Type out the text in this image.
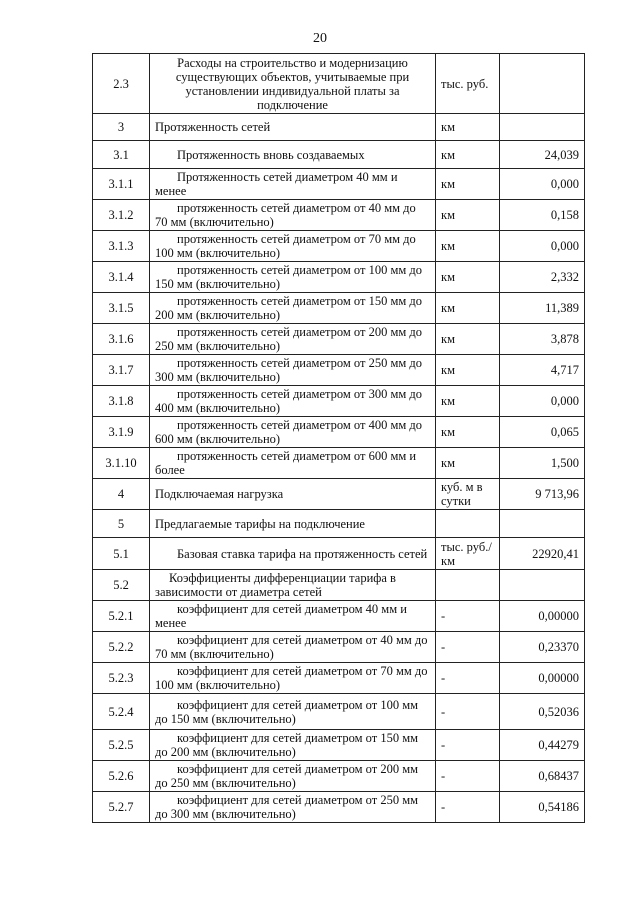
20
2.3	Расходы на строительство и модернизацию существующих объектов, учитываемые при установлении индивидуальной платы за подключение	тыс. руб.	
3	Протяженность сетей	км	
3.1	Протяженность вновь создаваемых	км	24,039
3.1.1	Протяженность сетей диаметром 40 мм и менее	км	0,000
3.1.2	протяженность сетей диаметром от 40 мм до 70 мм (включительно)	км	0,158
3.1.3	протяженность сетей диаметром от 70 мм до 100 мм (включительно)	км	0,000
3.1.4	протяженность сетей диаметром от 100 мм до 150 мм (включительно)	км	2,332
3.1.5	протяженность сетей диаметром от 150 мм до 200 мм (включительно)	км	11,389
3.1.6	протяженность сетей диаметром от 200 мм до 250 мм (включительно)	км	3,878
3.1.7	протяженность сетей диаметром от 250 мм до 300 мм (включительно)	км	4,717
3.1.8	протяженность сетей диаметром от 300 мм до 400 мм (включительно)	км	0,000
3.1.9	протяженность сетей диаметром от 400 мм до 600 мм (включительно)	км	0,065
3.1.10	протяженность сетей диаметром от 600 мм и более	км	1,500
4	Подключаемая нагрузка	куб. м в сутки	9 713,96
5	Предлагаемые тарифы на подключение		
5.1	Базовая ставка тарифа на протяженность сетей	тыс. руб./км	22920,41
5.2	Коэффициенты дифференциации тарифа в зависимости от диаметра сетей		
5.2.1	коэффициент для сетей диаметром 40 мм и менее	-	0,00000
5.2.2	коэффициент для сетей диаметром от 40 мм до 70 мм (включительно)	-	0,23370
5.2.3	коэффициент для сетей диаметром от 70 мм до 100 мм (включительно)	-	0,00000
5.2.4	коэффициент для сетей диаметром от 100 мм до 150 мм (включительно)	-	0,52036
5.2.5	коэффициент для сетей диаметром от 150 мм до 200 мм (включительно)	-	0,44279
5.2.6	коэффициент для сетей диаметром от 200 мм до 250 мм (включительно)	-	0,68437
5.2.7	коэффициент для сетей диаметром от 250 мм до 300 мм (включительно)	-	0,54186
